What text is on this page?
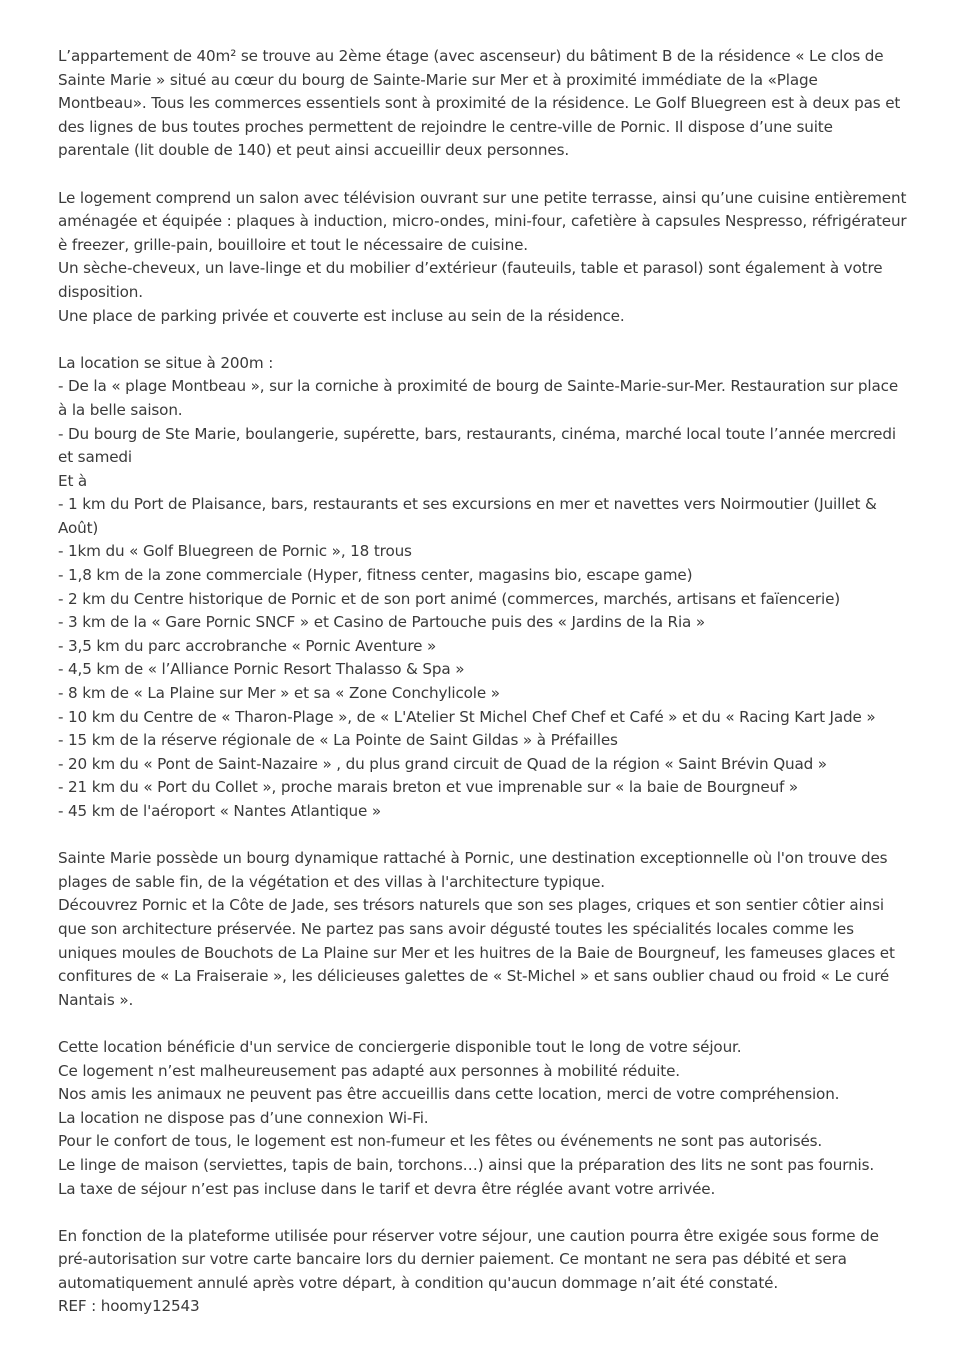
L’appartement de 40m² se trouve au 2ème étage (avec ascenseur) du bâtiment B de la résidence « Le clos de Sainte Marie » situé au cœur du bourg de Sainte-Marie sur Mer et à proximité immédiate de la «Plage Montbeau». Tous les commerces essentiels sont à proximité de la résidence. Le Golf Bluegreen est à deux pas et des lignes de bus toutes proches permettent de rejoindre le centre-ville de Pornic. Il dispose d’une suite parentale (lit double de 140) et peut ainsi accueillir deux personnes.

Le logement comprend un salon avec télévision ouvrant sur une petite terrasse, ainsi qu’une cuisine entièrement aménagée et équipée : plaques à induction, micro-ondes, mini-four, cafetière à capsules Nespresso, réfrigérateur è freezer, grille-pain, bouilloire et tout le nécessaire de cuisine.
Un sèche-cheveux, un lave-linge et du mobilier d’extérieur (fauteuils, table et parasol) sont également à votre disposition.
Une place de parking privée et couverte est incluse au sein de la résidence.

La location se situe à 200m :
- De la « plage Montbeau », sur la corniche à proximité de bourg de Sainte-Marie-sur-Mer. Restauration sur place à la belle saison.
- Du bourg de Ste Marie, boulangerie, supérette, bars, restaurants, cinéma, marché local toute l’année mercredi et samedi
Et à
- 1 km du Port de Plaisance, bars, restaurants et ses excursions en mer et navettes vers Noirmoutier (Juillet & Août)
- 1km du « Golf Bluegreen de Pornic », 18 trous
- 1,8 km de la zone commerciale (Hyper, fitness center, magasins bio, escape game)
- 2 km du Centre historique de Pornic et de son port animé (commerces, marchés, artisans et faïencerie)
- 3 km de la « Gare Pornic SNCF » et Casino de Partouche puis des « Jardins de la Ria »
- 3,5 km du parc accrobranche « Pornic Aventure »
- 4,5 km de « l’Alliance Pornic Resort Thalasso & Spa »
- 8 km de « La Plaine sur Mer » et sa « Zone Conchylicole »
- 10 km du Centre de « Tharon-Plage », de « L'Atelier St Michel Chef Chef et Café » et du « Racing Kart Jade »
- 15 km de la réserve régionale de « La Pointe de Saint Gildas » à Préfailles
- 20 km du « Pont de Saint-Nazaire » , du plus grand circuit de Quad de la région « Saint Brévin Quad »
- 21 km du « Port du Collet », proche marais breton et vue imprenable sur « la baie de Bourgneuf »
- 45 km de l'aéroport « Nantes Atlantique »

Sainte Marie possède un bourg dynamique rattaché à Pornic, une destination exceptionnelle où l'on trouve des plages de sable fin, de la végétation et des villas à l'architecture typique.
Découvrez Pornic et la Côte de Jade, ses trésors naturels que son ses plages, criques et son sentier côtier ainsi que son architecture préservée. Ne partez pas sans avoir dégusté toutes les spécialités locales comme les uniques moules de Bouchots de La Plaine sur Mer et les huitres de la Baie de Bourgneuf, les fameuses glaces et confitures de « La Fraiseraie », les délicieuses galettes de « St-Michel » et sans oublier chaud ou froid « Le curé Nantais ».

Cette location bénéficie d'un service de conciergerie disponible tout le long de votre séjour.
Ce logement n’est malheureusement pas adapté aux personnes à mobilité réduite.
Nos amis les animaux ne peuvent pas être accueillis dans cette location, merci de votre compréhension.
La location ne dispose pas d’une connexion Wi-Fi.
Pour le confort de tous, le logement est non-fumeur et les fêtes ou événements ne sont pas autorisés.
Le linge de maison (serviettes, tapis de bain, torchons…) ainsi que la préparation des lits ne sont pas fournis.
La taxe de séjour n’est pas incluse dans le tarif et devra être réglée avant votre arrivée.

En fonction de la plateforme utilisée pour réserver votre séjour, une caution pourra être exigée sous forme de pré-autorisation sur votre carte bancaire lors du dernier paiement. Ce montant ne sera pas débité et sera automatiquement annulé après votre départ, à condition qu'aucun dommage n’ait été constaté.
REF : hoomy12543
